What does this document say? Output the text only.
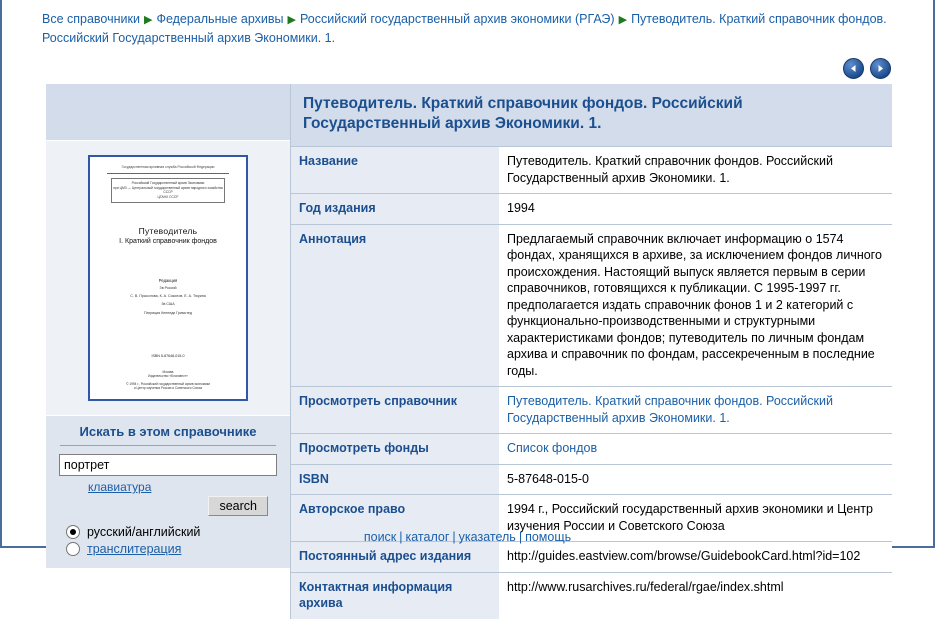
Все справочники ▶ Федеральные архивы ▶ Российский государственный архив экономики (РГАЭ) ▶ Путеводитель. Краткий справочник фондов. Российский Государственный архив Экономики. 1.
Государственная архивная служба Российской Федерации
Российский Государственный архив Экономики
при ЦМЗ — Центральный государственный архив народного хозяйства СССР
ЦГАНХ СССР
Путеводитель
I. Краткий справочник фондов
Редакция
Зв Россий
С. В. Прасолова, К. А. Соколов, Е. А. Тюрина
Зв США
Патриция Кеннеди Гримстед
ISBN 5-87648-015-0
Москва
Издательство «Благовест»
© 1994 г., Российский государственный архив экономики
и Центр изучения России и Советского Союза
Искать в этом справочнике
портрет
клавиатура
search
русский/английский
транслитерация
Путеводитель. Краткий справочник фондов. Российский Государственный архив Экономики. 1.
Название	Путеводитель. Краткий справочник фондов. Российский Государственный архив Экономики. 1.
Год издания	1994
Аннотация	Предлагаемый справочник включает информацию о 1574 фондах, хранящихся в архиве, за исключением фондов личного происхождения. Настоящий выпуск является первым в серии справочников, готовящихся к публикации. С 1995-1997 гг. предполагается издать справочник фонов 1 и 2 категорий с функционально-производственными и структурными характеристиками фондов; путеводитель по личным фондам архива и справочник по фондам, рассекреченным в последние годы.
Просмотреть справочник	Путеводитель. Краткий справочник фондов. Российский Государственный архив Экономики. 1.
Просмотреть фонды	Список фондов
ISBN	5-87648-015-0
Авторское право	1994 г., Российский государственный архив экономики и Центр изучения России и Советского Союза
Постоянный адрес издания	http://guides.eastview.com/browse/GuidebookCard.html?id=102
Контактная информация архива	http://www.rusarchives.ru/federal/rgae/index.shtml
поиск | каталог | указатель | помощь
